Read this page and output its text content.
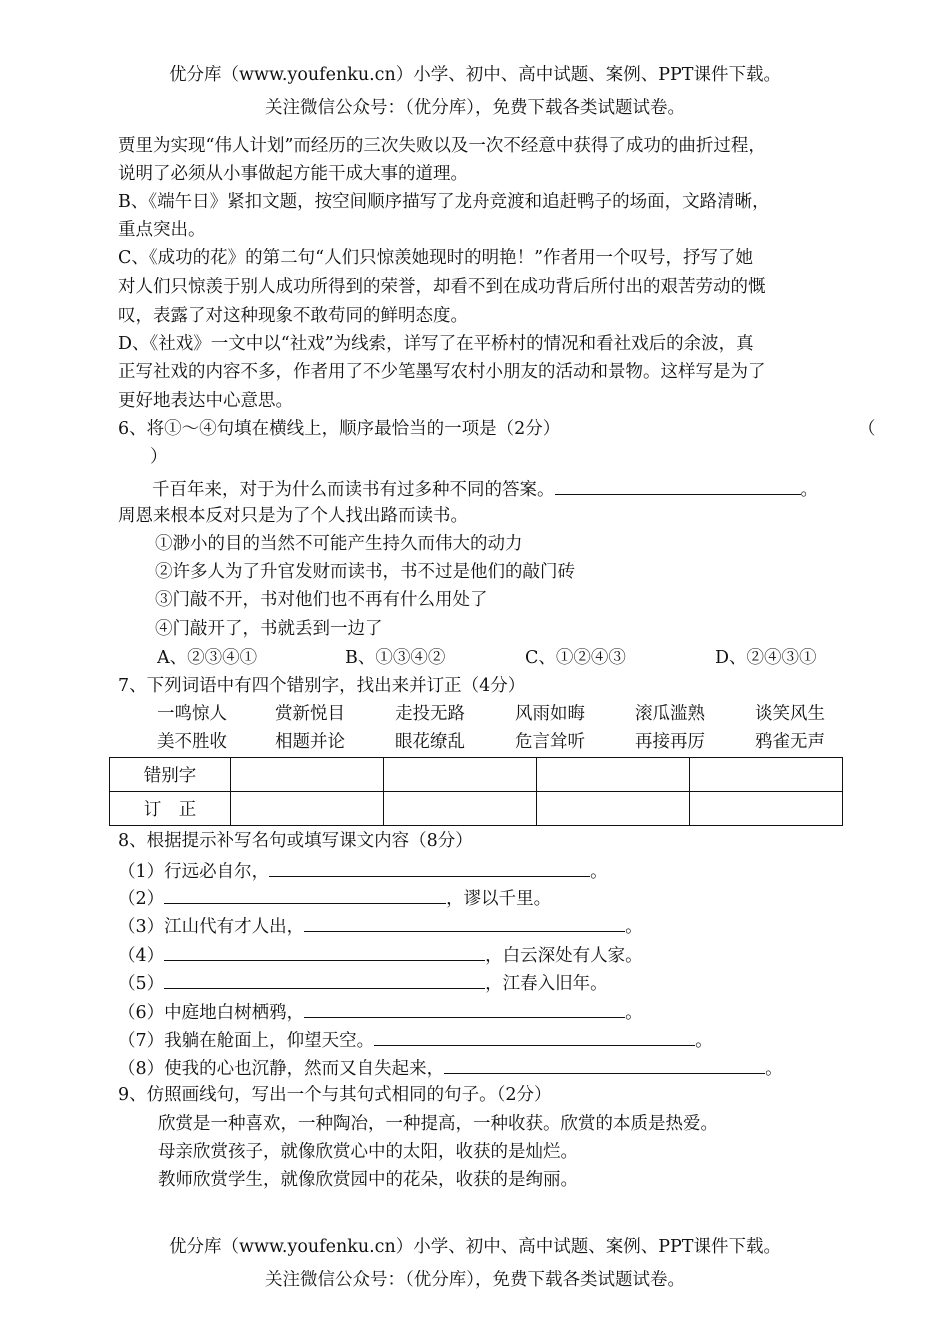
优分库（www.youfenku.cn）小学、初中、高中试题、案例、PPT课件下载。
关注微信公众号：（优分库），免费下载各类试题试卷。
贾里为实现“伟人计划”而经历的三次失败以及一次不经意中获得了成功的曲折过程，
说明了必须从小事做起方能干成大事的道理。
B、《端午日》紧扣文题，按空间顺序描写了龙舟竞渡和追赶鸭子的场面，文路清晰，
重点突出。
C、《成功的花》的第二句“人们只惊羡她现时的明艳！”作者用一个叹号，抒写了她
对人们只惊羡于别人成功所得到的荣誉，却看不到在成功背后所付出的艰苦劳动的慨
叹，表露了对这种现象不敢苟同的鲜明态度。
D、《社戏》一文中以“社戏”为线索，详写了在平桥村的情况和看社戏后的余波，真
正写社戏的内容不多，作者用了不少笔墨写农村小朋友的活动和景物。这样写是为了
更好地表达中心意思。
6、将①～④句填在横线上，顺序最恰当的一项是（2分）	（
）
千百年来，对于为什么而读书有过多种不同的答案。	。
周恩来根本反对只是为了个人找出路而读书。
①渺小的目的当然不可能产生持久而伟大的动力
②许多人为了升官发财而读书，书不过是他们的敲门砖
③门敲不开，书对他们也不再有什么用处了
④门敲开了，书就丢到一边了
A、②③④①	B、①③④②	C、①②④③	D、②④③①
7、下列词语中有四个错别字，找出来并订正（4分）
一鸣惊人	赏新悦目	走投无路	风雨如晦	滚瓜滥熟	谈笑风生
美不胜收	相题并论	眼花缭乱	危言耸听	再接再厉	鸦雀无声
错别字				
订　正				
8、根据提示补写名句或填写课文内容（8分）
（1）行远必自尔，	。
（2）	，谬以千里。
（3）江山代有才人出，	。
（4）	，白云深处有人家。
（5）	，江春入旧年。
（6）中庭地白树栖鸦，	。
（7）我躺在舱面上，仰望天空。	。
（8）使我的心也沉静，然而又自失起来，	。
9、仿照画线句，写出一个与其句式相同的句子。（2分）
欣赏是一种喜欢，一种陶冶，一种提高，一种收获。欣赏的本质是热爱。
母亲欣赏孩子，就像欣赏心中的太阳，收获的是灿烂。
教师欣赏学生，就像欣赏园中的花朵，收获的是绚丽。
优分库（www.youfenku.cn）小学、初中、高中试题、案例、PPT课件下载。
关注微信公众号：（优分库），免费下载各类试题试卷。
